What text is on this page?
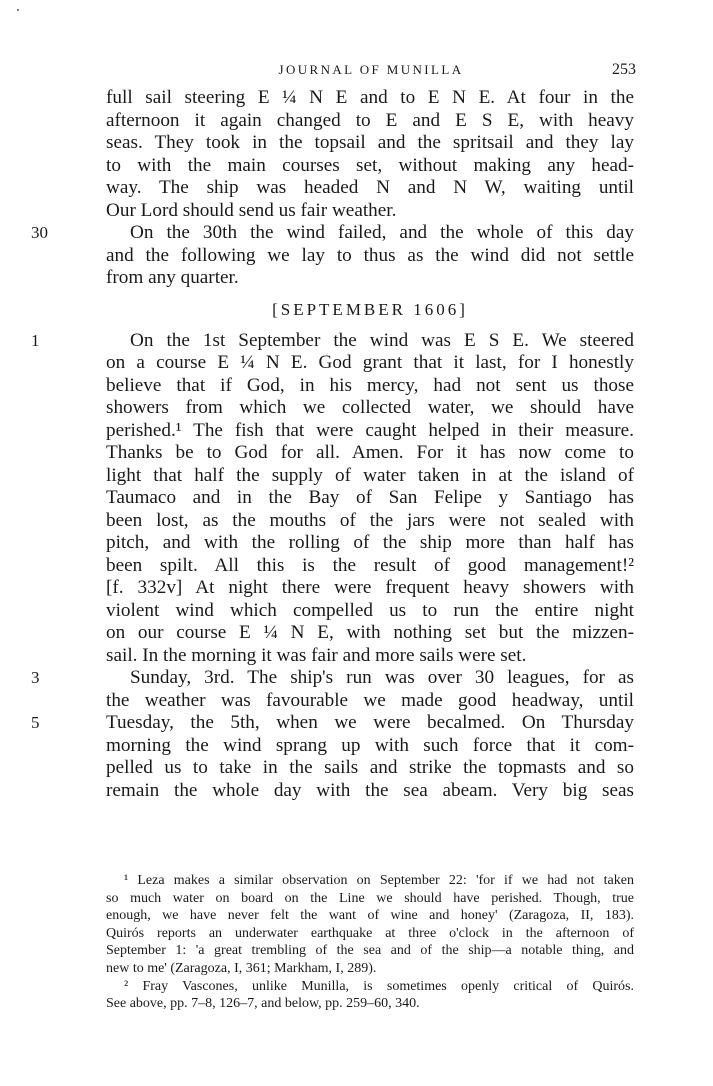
JOURNAL OF MUNILLA	253
full sail steering E ¼ N E and to E N E. At four in the
afternoon it again changed to E and E S E, with heavy
seas. They took in the topsail and the spritsail and they lay
to with the main courses set, without making any head-
way. The ship was headed N and N W, waiting until
Our Lord should send us fair weather.
30	On the 30th the wind failed, and the whole of this day
and the following we lay to thus as the wind did not settle
from any quarter.
[SEPTEMBER 1606]
1	On the 1st September the wind was E S E. We steered
on a course E ¼ N E. God grant that it last, for I honestly
believe that if God, in his mercy, had not sent us those
showers from which we collected water, we should have
perished.¹ The fish that were caught helped in their measure.
Thanks be to God for all. Amen. For it has now come to
light that half the supply of water taken in at the island of
Taumaco and in the Bay of San Felipe y Santiago has
been lost, as the mouths of the jars were not sealed with
pitch, and with the rolling of the ship more than half has
been spilt. All this is the result of good management!²
[f. 332v] At night there were frequent heavy showers with
violent wind which compelled us to run the entire night
on our course E ¼ N E, with nothing set but the mizzen-
sail. In the morning it was fair and more sails were set.
3	Sunday, 3rd. The ship's run was over 30 leagues, for as
the weather was favourable we made good headway, until
5	Tuesday, the 5th, when we were becalmed. On Thursday
morning the wind sprang up with such force that it com-
pelled us to take in the sails and strike the topmasts and so
remain the whole day with the sea abeam. Very big seas
¹ Leza makes a similar observation on September 22: 'for if we had not taken
so much water on board on the Line we should have perished. Though, true
enough, we have never felt the want of wine and honey' (Zaragoza, II, 183).
Quirós reports an underwater earthquake at three o'clock in the afternoon of
September 1: 'a great trembling of the sea and of the ship—a notable thing, and
new to me' (Zaragoza, I, 361; Markham, I, 289).
² Fray Vascones, unlike Munilla, is sometimes openly critical of Quirós.
See above, pp. 7–8, 126–7, and below, pp. 259–60, 340.
